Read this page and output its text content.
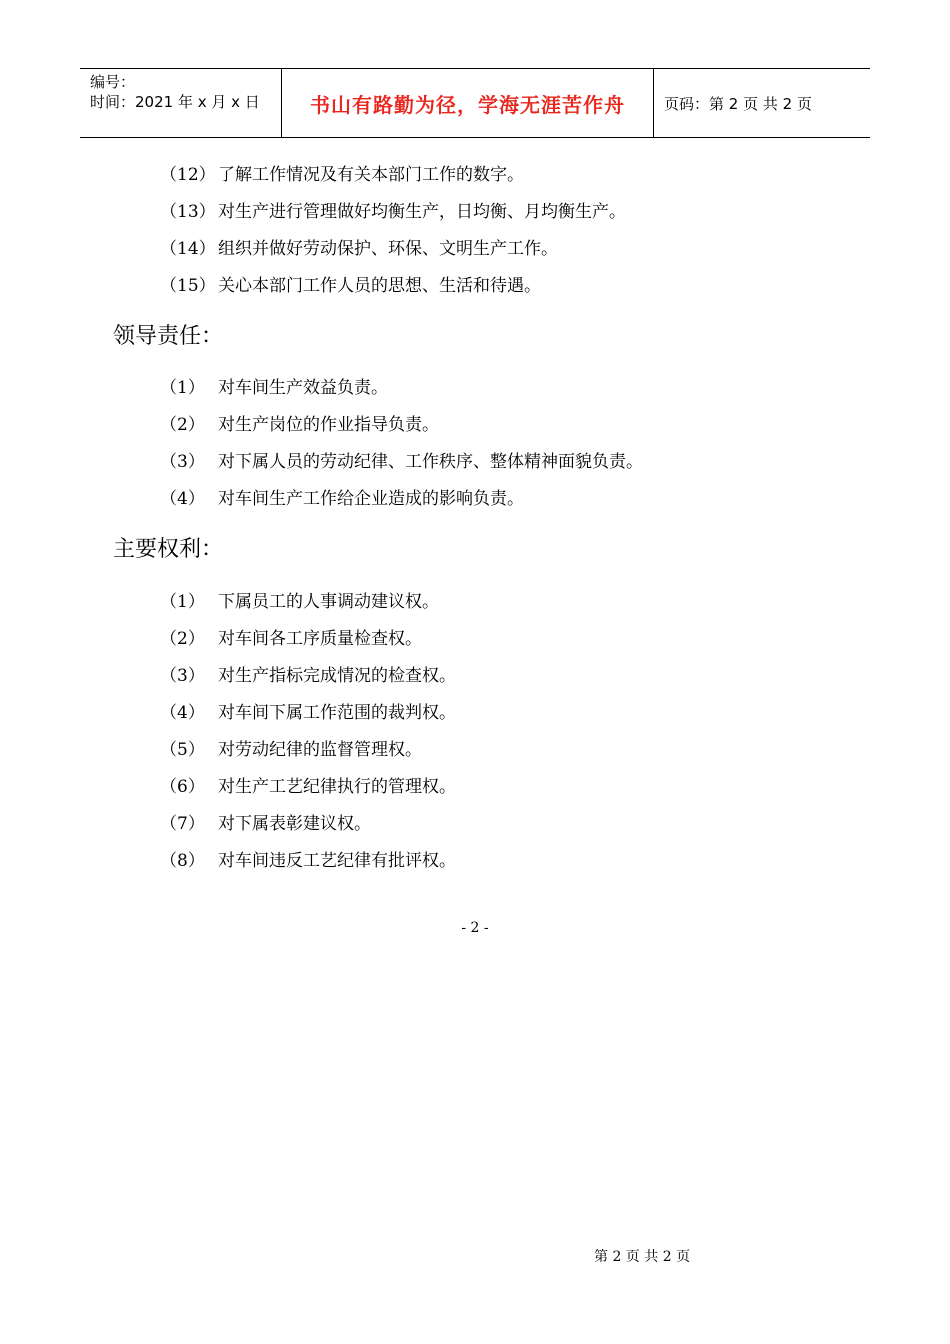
编号：
时间：2021 年 x 月 x 日	书山有路勤为径，学海无涯苦作舟	页码：第 2 页 共 2 页
（12） 了解工作情况及有关本部门工作的数字。
（13） 对生产进行管理做好均衡生产，日均衡、月均衡生产。
（14） 组织并做好劳动保护、环保、文明生产工作。
（15） 关心本部门工作人员的思想、生活和待遇。
领导责任：
（1） 对车间生产效益负责。
（2） 对生产岗位的作业指导负责。
（3） 对下属人员的劳动纪律、工作秩序、整体精神面貌负责。
（4） 对车间生产工作给企业造成的影响负责。
主要权利：
（1） 下属员工的人事调动建议权。
（2） 对车间各工序质量检查权。
（3） 对生产指标完成情况的检查权。
（4） 对车间下属工作范围的裁判权。
（5） 对劳动纪律的监督管理权。
（6） 对生产工艺纪律执行的管理权。
（7） 对下属表彰建议权。
（8） 对车间违反工艺纪律有批评权。
- 2 -
第 2 页 共 2 页
